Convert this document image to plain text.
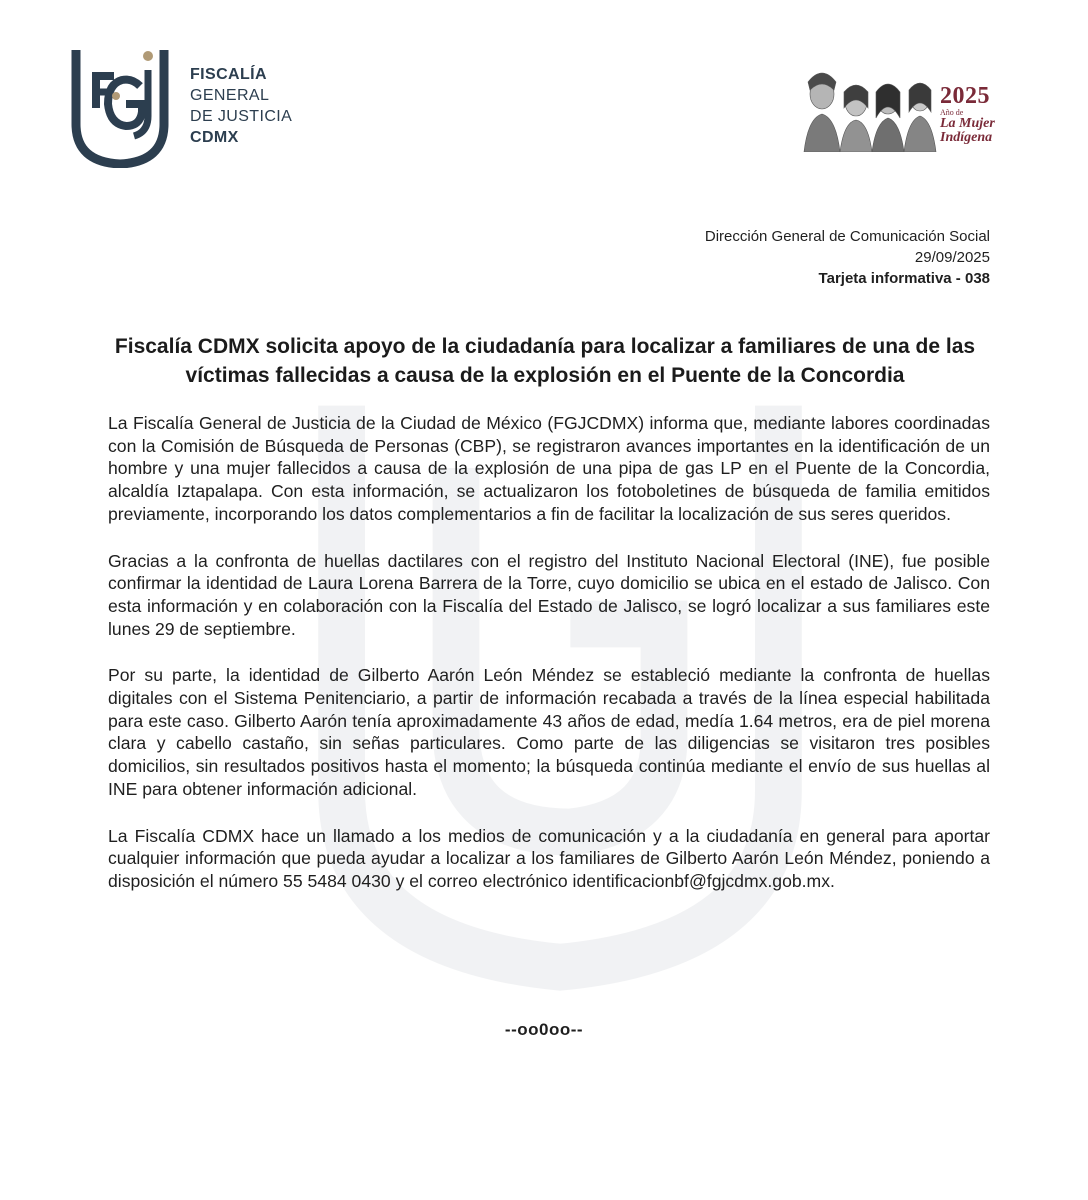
FISCALÍA
GENERAL
DE JUSTICIA
CDMX
2025
Año de
La Mujer
Indígena
Dirección General de Comunicación Social
29/09/2025
Tarjeta informativa - 038
Fiscalía CDMX solicita apoyo de la ciudadanía para localizar a familiares de una de las víctimas fallecidas a causa de la explosión en el Puente de la Concordia

La Fiscalía General de Justicia de la Ciudad de México (FGJCDMX) informa que, mediante labores coordinadas con la Comisión de Búsqueda de Personas (CBP), se registraron avances importantes en la identificación de un hombre y una mujer fallecidos a causa de la explosión de una pipa de gas LP en el Puente de la Concordia, alcaldía Iztapalapa. Con esta información, se actualizaron los fotoboletines de búsqueda de familia emitidos previamente, incorporando los datos complementarios a fin de facilitar la localización de sus seres queridos.

Gracias a la confronta de huellas dactilares con el registro del Instituto Nacional Electoral (INE), fue posible confirmar la identidad de Laura Lorena Barrera de la Torre, cuyo domicilio se ubica en el estado de Jalisco. Con esta información y en colaboración con la Fiscalía del Estado de Jalisco, se logró localizar a sus familiares este lunes 29 de septiembre.

Por su parte, la identidad de Gilberto Aarón León Méndez se estableció mediante la confronta de huellas digitales con el Sistema Penitenciario, a partir de información recabada a través de la línea especial habilitada para este caso. Gilberto Aarón tenía aproximadamente 43 años de edad, medía 1.64 metros, era de piel morena clara y cabello castaño, sin señas particulares. Como parte de las diligencias se visitaron tres posibles domicilios, sin resultados positivos hasta el momento; la búsqueda continúa mediante el envío de sus huellas al INE para obtener información adicional.

La Fiscalía CDMX hace un llamado a los medios de comunicación y a la ciudadanía en general para aportar cualquier información que pueda ayudar a localizar a los familiares de Gilberto Aarón León Méndez, poniendo a disposición el número 55 5484 0430 y el correo electrónico identificacionbf@fgjcdmx.gob.mx.

--oo0oo--
